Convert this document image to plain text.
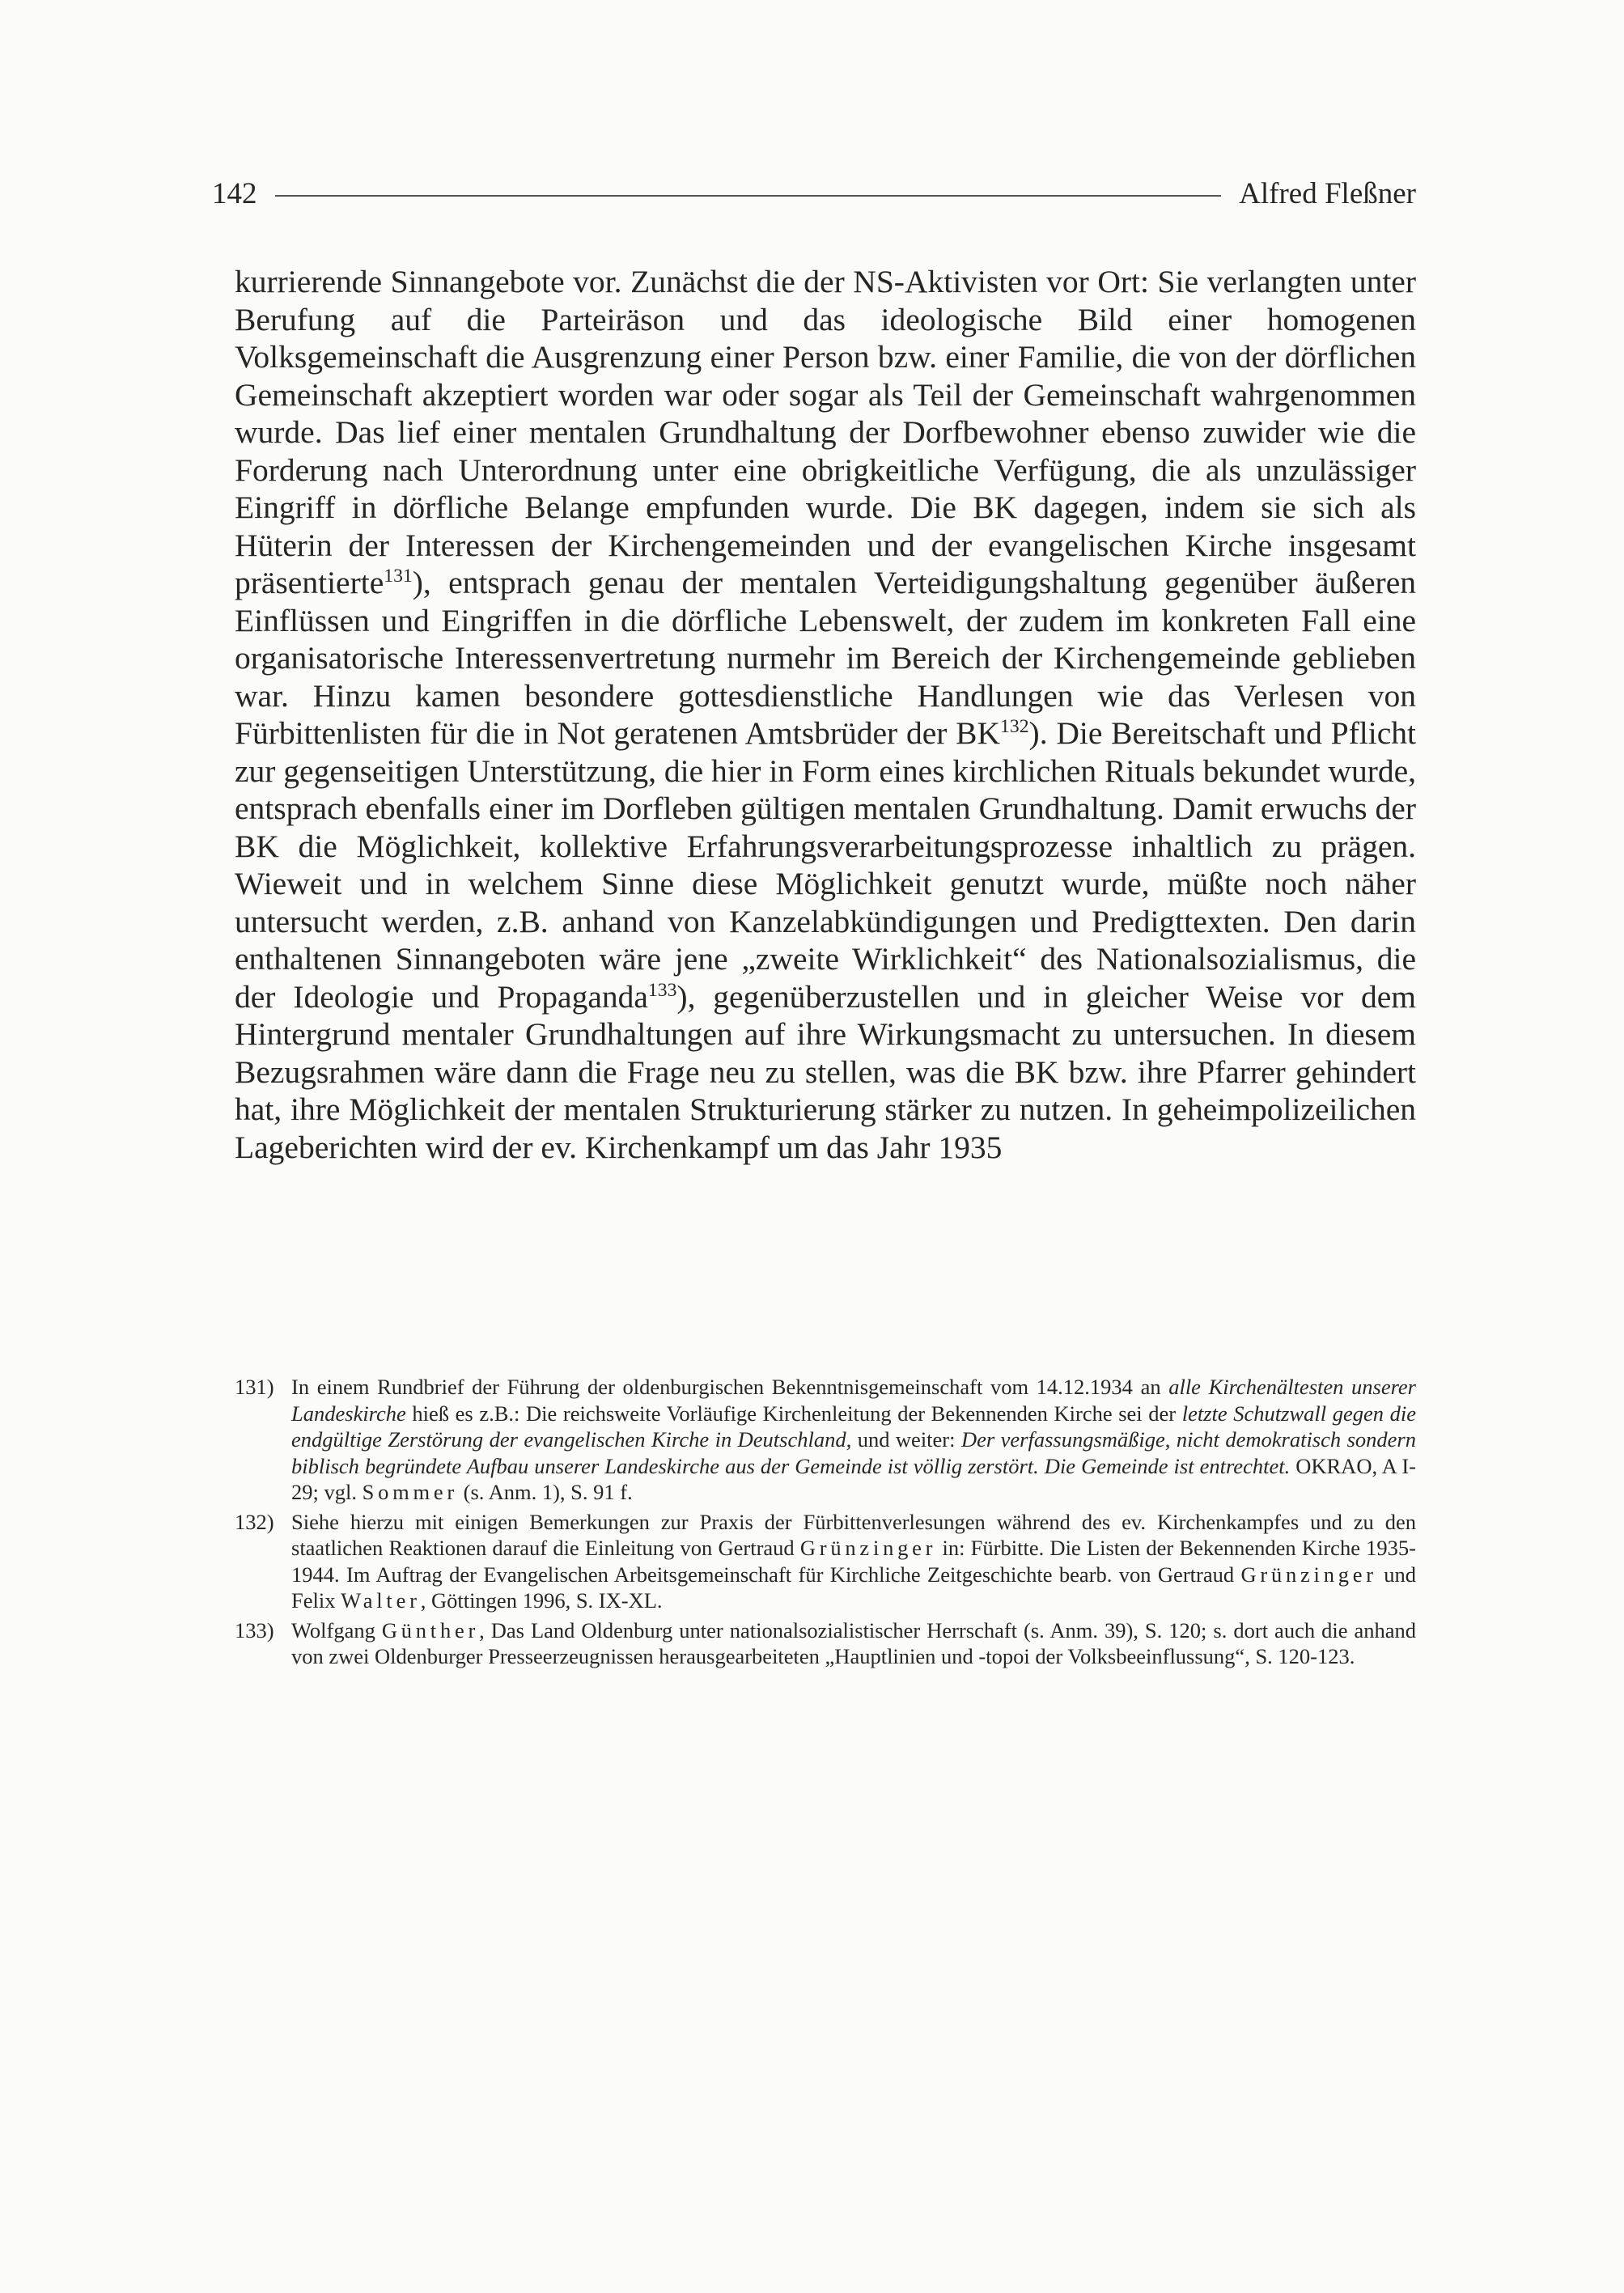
142	Alfred Fleßner

kurrierende Sinnangebote vor. Zunächst die der NS-Aktivisten vor Ort: Sie verlangten unter Berufung auf die Parteiräson und das ideologische Bild einer homogenen Volksgemeinschaft die Ausgrenzung einer Person bzw. einer Familie, die von der dörflichen Gemeinschaft akzeptiert worden war oder sogar als Teil der Gemeinschaft wahrgenommen wurde. Das lief einer mentalen Grundhaltung der Dorfbewohner ebenso zuwider wie die Forderung nach Unterordnung unter eine obrigkeitliche Verfügung, die als unzulässiger Eingriff in dörfliche Belange empfunden wurde. Die BK dagegen, indem sie sich als Hüterin der Interessen der Kirchengemeinden und der evangelischen Kirche insgesamt präsentierte$^{131}$), entsprach genau der mentalen Verteidigungshaltung gegenüber äußeren Einflüssen und Eingriffen in die dörfliche Lebenswelt, der zudem im konkreten Fall eine organisatorische Interessenvertretung nurmehr im Bereich der Kirchengemeinde geblieben war. Hinzu kamen besondere gottesdienstliche Handlungen wie das Verlesen von Fürbittenlisten für die in Not geratenen Amtsbrüder der BK$^{132}$). Die Bereitschaft und Pflicht zur gegenseitigen Unterstützung, die hier in Form eines kirchlichen Rituals bekundet wurde, entsprach ebenfalls einer im Dorfleben gültigen mentalen Grundhaltung. Damit erwuchs der BK die Möglichkeit, kollektive Erfahrungsverarbeitungsprozesse inhaltlich zu prägen. Wieweit und in welchem Sinne diese Möglichkeit genutzt wurde, müßte noch näher untersucht werden, z.B. anhand von Kanzelabkündigungen und Predigttexten. Den darin enthaltenen Sinnangeboten wäre jene „zweite Wirklichkeit“ des Nationalsozialismus, die der Ideologie und Propaganda$^{133}$), gegenüberzustellen und in gleicher Weise vor dem Hintergrund mentaler Grundhaltungen auf ihre Wirkungsmacht zu untersuchen. In diesem Bezugsrahmen wäre dann die Frage neu zu stellen, was die BK bzw. ihre Pfarrer gehindert hat, ihre Möglichkeit der mentalen Strukturierung stärker zu nutzen. In geheimpolizeilichen Lageberichten wird der ev. Kirchenkampf um das Jahr 1935

131) In einem Rundbrief der Führung der oldenburgischen Bekenntnisgemeinschaft vom 14.12.1934 an alle Kirchenältesten unserer Landeskirche hieß es z.B.: Die reichsweite Vorläufige Kirchenleitung der Bekennenden Kirche sei der letzte Schutzwall gegen die endgültige Zerstörung der evangelischen Kirche in Deutschland, und weiter: Der verfassungsmäßige, nicht demokratisch sondern biblisch begründete Aufbau unserer Landeskirche aus der Gemeinde ist völlig zerstört. Die Gemeinde ist entrechtet. OKRAO, A I-29; vgl. Sommer (s. Anm. 1), S. 91 f.
132) Siehe hierzu mit einigen Bemerkungen zur Praxis der Fürbittenverlesungen während des ev. Kirchenkampfes und zu den staatlichen Reaktionen darauf die Einleitung von Gertraud Grünzinger in: Fürbitte. Die Listen der Bekennenden Kirche 1935-1944. Im Auftrag der Evangelischen Arbeitsgemeinschaft für Kirchliche Zeitgeschichte bearb. von Gertraud Grünzinger und Felix Walter, Göttingen 1996, S. IX-XL.
133) Wolfgang Günther, Das Land Oldenburg unter nationalsozialistischer Herrschaft (s. Anm. 39), S. 120; s. dort auch die anhand von zwei Oldenburger Presseerzeugnissen herausgearbeiteten „Hauptlinien und -topoi der Volksbeeinflussung“, S. 120-123.
